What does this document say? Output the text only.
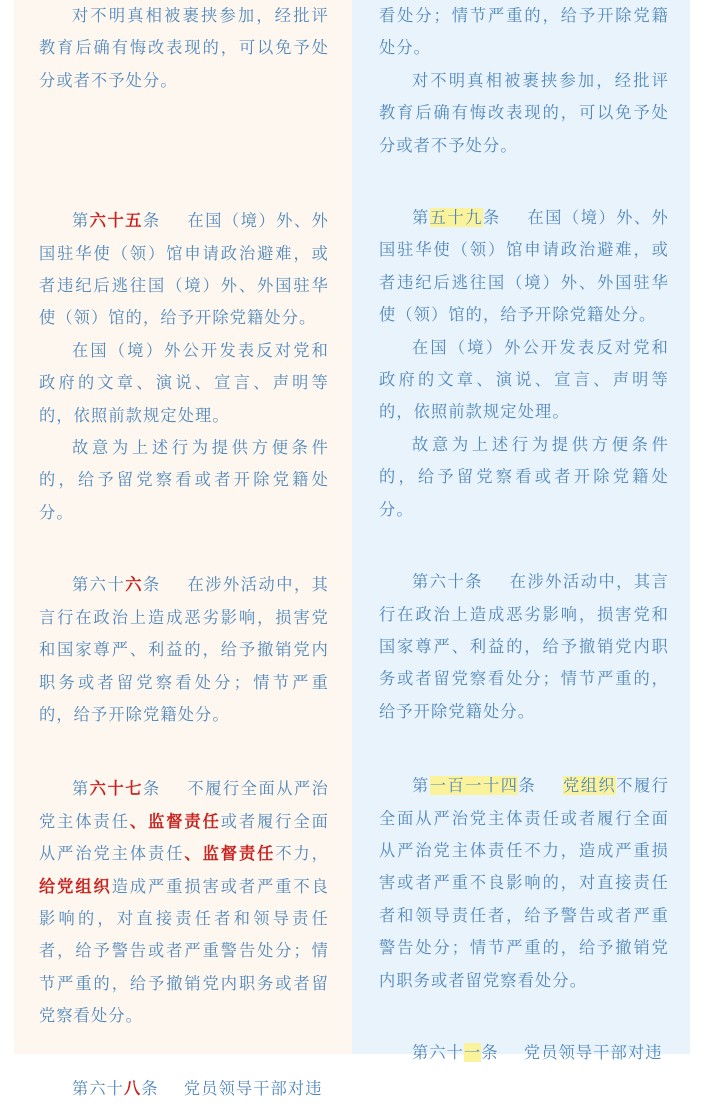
对不明真相被裹挟参加，经批评教育后确有悔改表现的，可以免予处分或者不予处分。

第六十五条 在国（境）外、外国驻华使（领）馆申请政治避难，或者违纪后逃往国（境）外、外国驻华使（领）馆的，给予开除党籍处分。

在国（境）外公开发表反对党和政府的文章、演说、宣言、声明等的，依照前款规定处理。

故意为上述行为提供方便条件的，给予留党察看或者开除党籍处分。

第六十六条 在涉外活动中，其言行在政治上造成恶劣影响，损害党和国家尊严、利益的，给予撤销党内职务或者留党察看处分；情节严重的，给予开除党籍处分。

第六十七条 不履行全面从严治党主体责任、监督责任或者履行全面从严治党主体责任、监督责任不力，给党组织造成严重损害或者严重不良影响的，对直接责任者和领导责任者，给予警告或者严重警告处分；情节严重的，给予撤销党内职务或者留党察看处分。

第六十八条 党员领导干部对违

看处分；情节严重的，给予开除党籍处分。

对不明真相被裹挟参加，经批评教育后确有悔改表现的，可以免予处分或者不予处分。

第五十九条 在国（境）外、外国驻华使（领）馆申请政治避难，或者违纪后逃往国（境）外、外国驻华使（领）馆的，给予开除党籍处分。

在国（境）外公开发表反对党和政府的文章、演说、宣言、声明等的，依照前款规定处理。

故意为上述行为提供方便条件的，给予留党察看或者开除党籍处分。

第六十条 在涉外活动中，其言行在政治上造成恶劣影响，损害党和国家尊严、利益的，给予撤销党内职务或者留党察看处分；情节严重的，给予开除党籍处分。

第一百一十四条 党组织不履行全面从严治党主体责任或者履行全面从严治党主体责任不力，造成严重损害或者严重不良影响的，对直接责任者和领导责任者，给予警告或者严重警告处分；情节严重的，给予撤销党内职务或者留党察看处分。

第六十一条 党员领导干部对违
